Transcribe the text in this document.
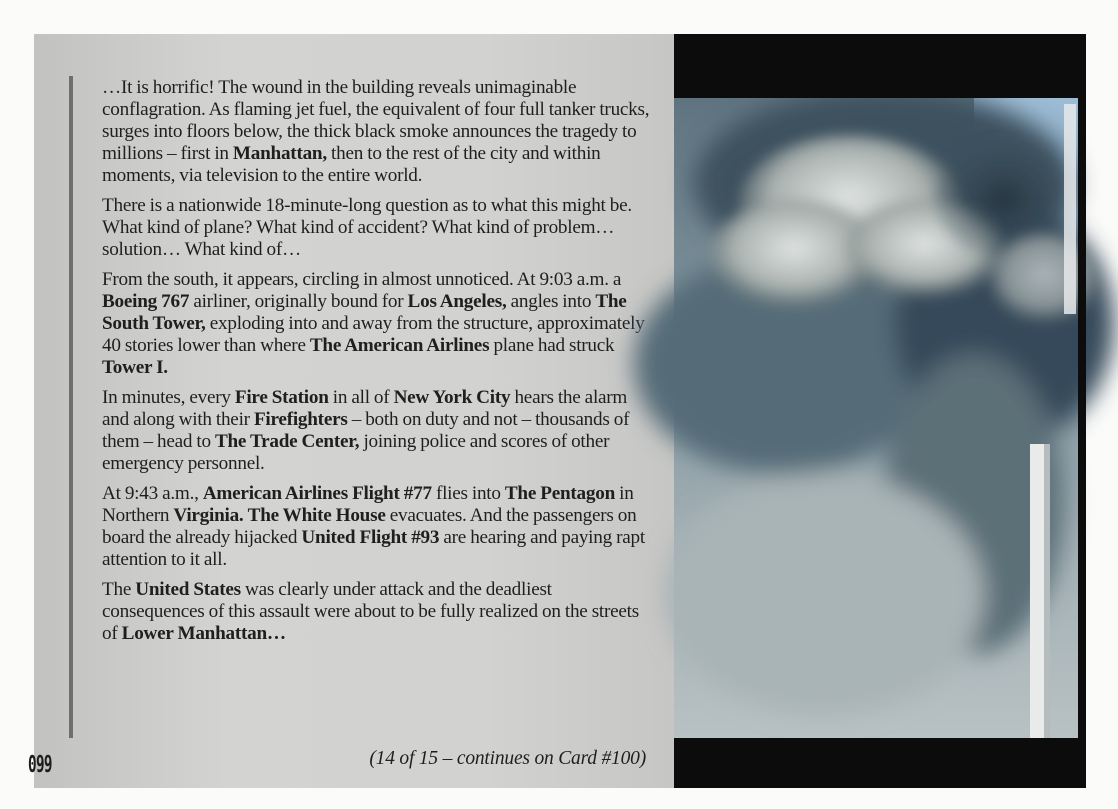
…It is horrific! The wound in the building reveals unimaginable conflagration. As flaming jet fuel, the equivalent of four full tanker trucks, surges into floors below, the thick black smoke announces the tragedy to millions – first in Manhattan, then to the rest of the city and within moments, via television to the entire world.

There is a nationwide 18-minute-long question as to what this might be. What kind of plane? What kind of accident? What kind of problem… solution… What kind of…

From the south, it appears, circling in almost unnoticed. At 9:03 a.m. a Boeing 767 airliner, originally bound for Los Angeles, angles into The South Tower, exploding into and away from the structure, approximately 40 stories lower than where The American Airlines plane had struck Tower I.

In minutes, every Fire Station in all of New York City hears the alarm and along with their Firefighters – both on duty and not – thousands of them – head to The Trade Center, joining police and scores of other emergency personnel.

At 9:43 a.m., American Airlines Flight #77 flies into The Pentagon in Northern Virginia. The White House evacuates. And the passengers on board the already hijacked United Flight #93 are hearing and paying rapt attention to it all.

The United States was clearly under attack and the deadliest consequences of this assault were about to be fully realized on the streets of Lower Manhattan…

099	(14 of 15 – continues on Card #100)
